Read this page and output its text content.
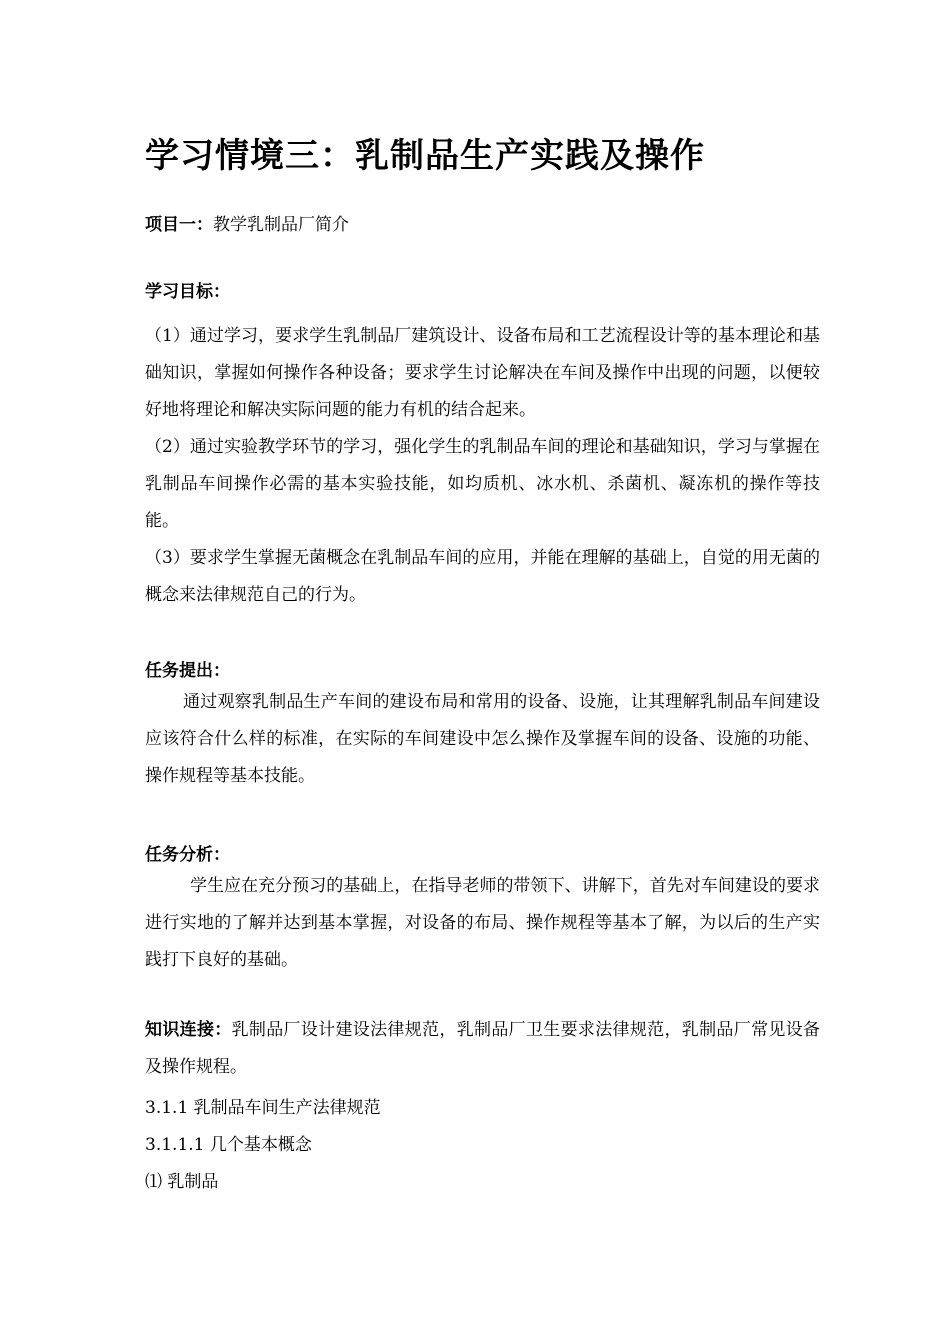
学习情境三：乳制品生产实践及操作
项目一：教学乳制品厂简介
学习目标：
（1）通过学习，要求学生乳制品厂建筑设计、设备布局和工艺流程设计等的基本理论和基础知识，掌握如何操作各种设备；要求学生讨论解决在车间及操作中出现的问题，以便较好地将理论和解决实际问题的能力有机的结合起来。
（2）通过实验教学环节的学习，强化学生的乳制品车间的理论和基础知识，学习与掌握在乳制品车间操作必需的基本实验技能，如均质机、冰水机、杀菌机、凝冻机的操作等技能。
（3）要求学生掌握无菌概念在乳制品车间的应用，并能在理解的基础上，自觉的用无菌的概念来法律规范自己的行为。
任务提出：
通过观察乳制品生产车间的建设布局和常用的设备、设施，让其理解乳制品车间建设应该符合什么样的标准，在实际的车间建设中怎么操作及掌握车间的设备、设施的功能、操作规程等基本技能。
任务分析：
学生应在充分预习的基础上，在指导老师的带领下、讲解下，首先对车间建设的要求进行实地的了解并达到基本掌握，对设备的布局、操作规程等基本了解，为以后的生产实践打下良好的基础。
知识连接：乳制品厂设计建设法律规范，乳制品厂卫生要求法律规范，乳制品厂常见设备及操作规程。
3.1.1 乳制品车间生产法律规范
3.1.1.1 几个基本概念
⑴ 乳制品
